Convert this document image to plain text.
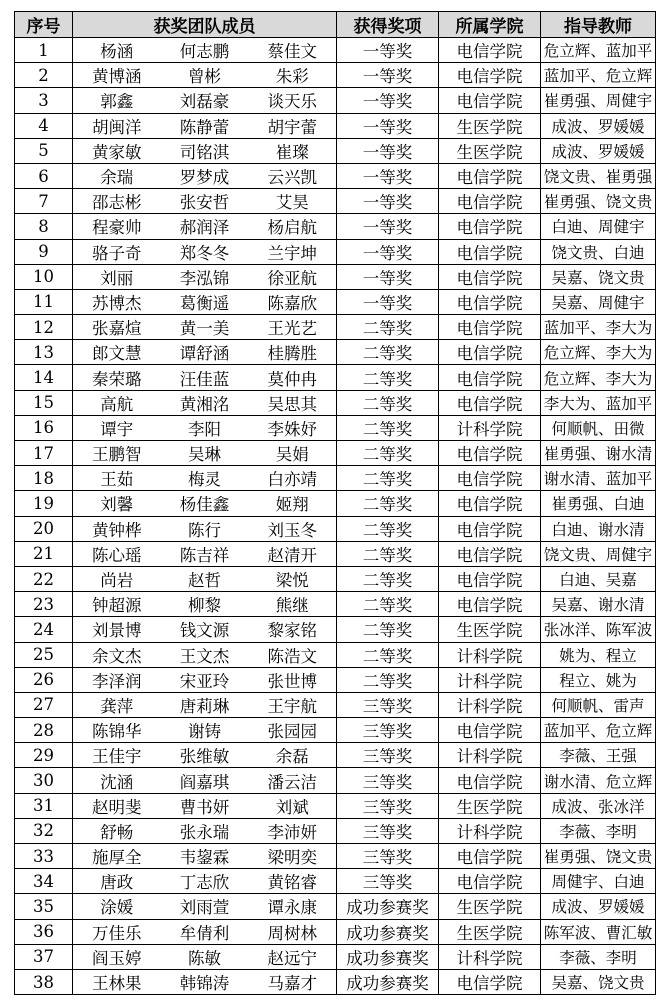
序号	获奖团队成员			获得奖项	所属学院	指导教师
1	杨涵	何志鹏	蔡佳文	一等奖	电信学院	危立辉、蓝加平
2	黄博涵	曾彬	朱彩	一等奖	电信学院	蓝加平、危立辉
3	郭鑫	刘磊豪	谈天乐	一等奖	电信学院	崔勇强、周健宇
4	胡闽洋	陈静蕾	胡宇蕾	一等奖	生医学院	成波、罗媛媛
5	黄家敏	司铭淇	崔璨	一等奖	生医学院	成波、罗媛媛
6	余瑞	罗梦成	云兴凯	一等奖	电信学院	饶文贵、崔勇强
7	邵志彬	张安哲	艾昊	一等奖	电信学院	崔勇强、饶文贵
8	程豪帅	郝润泽	杨启航	一等奖	电信学院	白迪、周健宇
9	骆子奇	郑冬冬	兰宇坤	一等奖	电信学院	饶文贵、白迪
10	刘丽	李泓锦	徐亚航	一等奖	电信学院	吴嘉、饶文贵
11	苏博杰	葛衡遥	陈嘉欣	一等奖	电信学院	吴嘉、周健宇
12	张嘉煊	黄一美	王光艺	二等奖	电信学院	蓝加平、李大为
13	郎文慧	谭舒涵	桂腾胜	二等奖	电信学院	危立辉、李大为
14	秦荣璐	汪佳蓝	莫仲冉	二等奖	电信学院	危立辉、李大为
15	高航	黄湘洺	吴思其	二等奖	电信学院	李大为、蓝加平
16	谭宇	李阳	李姝妤	二等奖	计科学院	何顺帆、田微
17	王鹏智	吴琳	吴娟	二等奖	电信学院	崔勇强、谢水清
18	王茹	梅灵	白亦靖	二等奖	电信学院	谢水清、蓝加平
19	刘馨	杨佳鑫	姬翔	二等奖	电信学院	崔勇强、白迪
20	黄钟桦	陈行	刘玉冬	二等奖	电信学院	白迪、谢水清
21	陈心瑶	陈吉祥	赵清开	二等奖	电信学院	饶文贵、周健宇
22	尚岩	赵哲	梁悦	二等奖	电信学院	白迪、吴嘉
23	钟超源	柳黎	熊继	二等奖	电信学院	吴嘉、谢水清
24	刘景博	钱文源	黎家铭	二等奖	生医学院	张冰洋、陈军波
25	余文杰	王文杰	陈浩文	二等奖	计科学院	姚为、程立
26	李泽润	宋亚玲	张世博	二等奖	计科学院	程立、姚为
27	龚萍	唐莉琳	王宇航	三等奖	计科学院	何顺帆、雷声
28	陈锦华	谢铸	张园园	三等奖	电信学院	蓝加平、危立辉
29	王佳宇	张维敏	余磊	三等奖	计科学院	李薇、王强
30	沈涵	阎嘉琪	潘云洁	三等奖	电信学院	谢水清、危立辉
31	赵明斐	曹书妍	刘斌	三等奖	生医学院	成波、张冰洋
32	舒畅	张永瑞	李沛妍	三等奖	计科学院	李薇、李明
33	施厚全	韦鋆霖	梁明奕	三等奖	电信学院	崔勇强、饶文贵
34	唐政	丁志欣	黄铭睿	三等奖	电信学院	周健宇、白迪
35	涂媛	刘雨萱	谭永康	成功参赛奖	生医学院	成波、罗媛媛
36	万佳乐	牟倩利	周树林	成功参赛奖	生医学院	陈军波、曹汇敏
37	阎玉婷	陈敏	赵远宁	成功参赛奖	计科学院	李薇、李明
38	王林果	韩锦涛	马嘉才	成功参赛奖	电信学院	吴嘉、饶文贵
